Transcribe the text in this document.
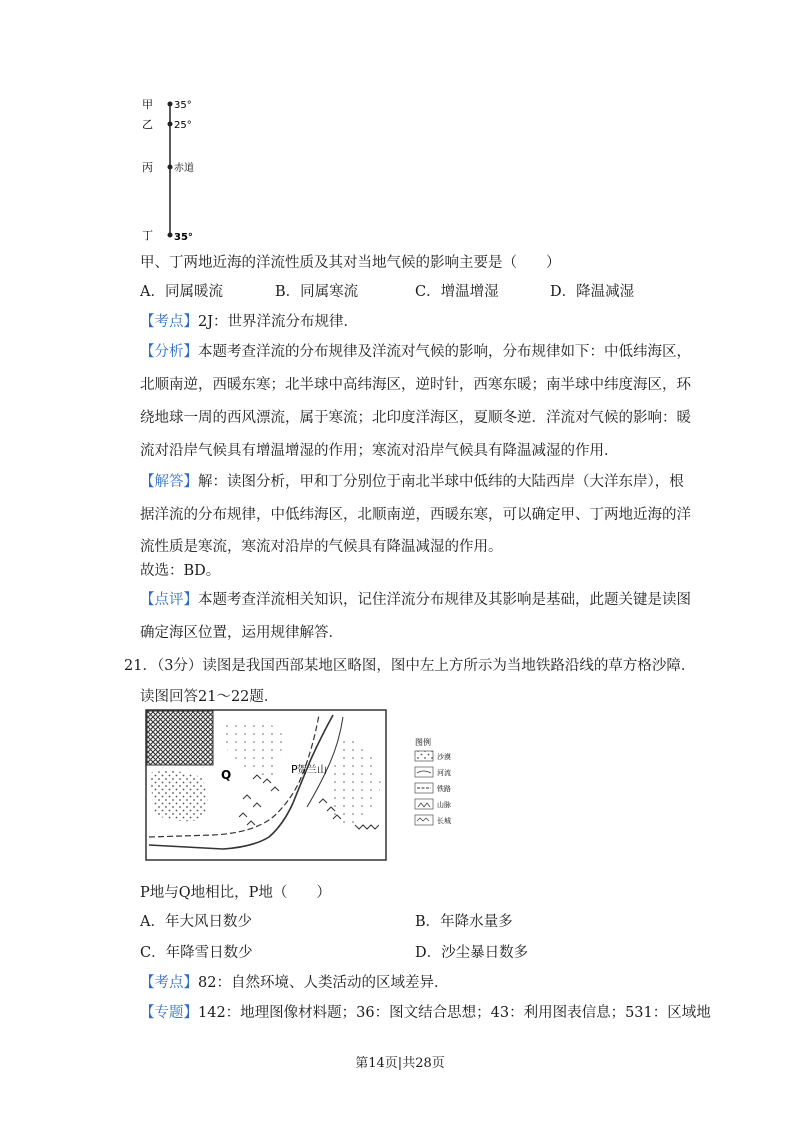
甲
乙
丙
丁
35°
25°
赤道
35°
甲、丁两地近海的洋流性质及其对当地气候的影响主要是（　　）
A．同属暖流	B．同属寒流	C．增温增湿	D．降温减湿
【考点】2J：世界洋流分布规律．
【分析】本题考查洋流的分布规律及洋流对气候的影响，分布规律如下：中低纬海区，
北顺南逆，西暖东寒；北半球中高纬海区，逆时针，西寒东暖；南半球中纬度海区，环
绕地球一周的西风漂流，属于寒流；北印度洋海区，夏顺冬逆．洋流对气候的影响：暖
流对沿岸气候具有增温增湿的作用；寒流对沿岸气候具有降温减湿的作用．
【解答】解：读图分析，甲和丁分别位于南北半球中低纬的大陆西岸（大洋东岸），根
据洋流的分布规律，中低纬海区，北顺南逆，西暖东寒，可以确定甲、丁两地近海的洋
流性质是寒流，寒流对沿岸的气候具有降温减湿的作用。
故选：BD。
【点评】本题考查洋流相关知识，记住洋流分布规律及其影响是基础，此题关键是读图
确定海区位置，运用规律解答．
21．（3分）读图是我国西部某地区略图，图中左上方所示为当地铁路沿线的草方格沙障．
读图回答21～22题．
Q	P 贺兰山
图例
沙漠
河流
铁路
山脉
长城
P地与Q地相比，P地（　　）
A．年大风日数少	B．年降水量多
C．年降雪日数少	D．沙尘暴日数多
【考点】82：自然环境、人类活动的区域差异．
【专题】142：地理图像材料题；36：图文结合思想；43：利用图表信息；531：区域地
第14页|共28页
